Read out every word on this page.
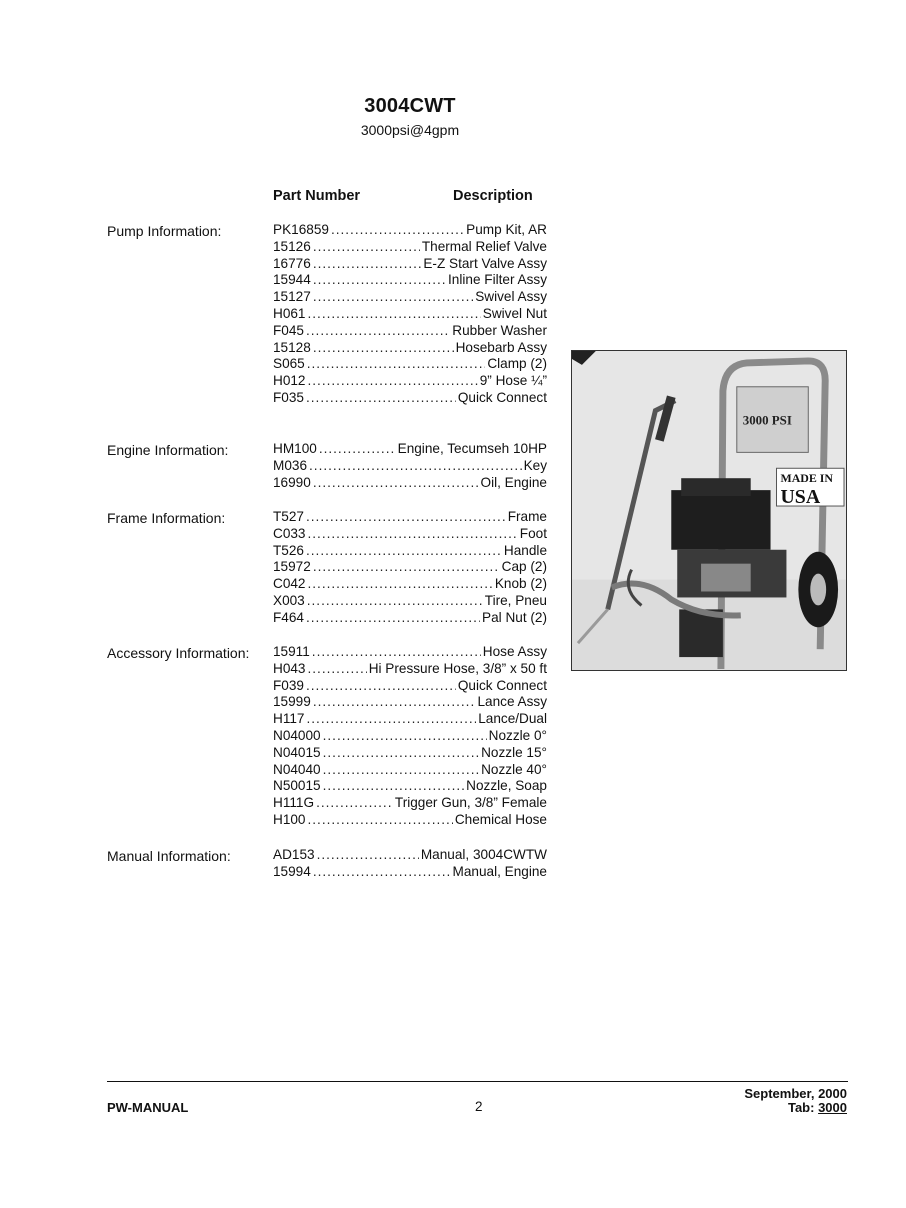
3004CWT
3000psi@4gpm
Part Number	Description
Pump Information:	PK16859 .....	Pump Kit, AR
15126 .....	Thermal Relief Valve
16776 .....	E-Z Start Valve Assy
15944 .....	Inline Filter Assy
15127 .....	Swivel Assy
H061 .....	Swivel Nut
F045 .....	Rubber Washer
15128 .....	Hosebarb Assy
S065 .....	Clamp (2)
H012 .....	9” Hose ¼”
F035 .....	Quick Connect
Engine Information:	HM100 .....	Engine, Tecumseh 10HP
M036 .....	Key
16990 .....	Oil, Engine
Frame Information:	T527 .....	Frame
C033 .....	Foot
T526 .....	Handle
15972 .....	Cap (2)
C042 .....	Knob (2)
X003 .....	Tire, Pneu
F464 .....	Pal Nut (2)
Accessory Information: 15911 .....	Hose Assy
H043 .....	Hi Pressure Hose, 3/8” x 50 ft
F039 .....	Quick Connect
15999 .....	Lance Assy
H117 .....	Lance/Dual
N04000 .....	Nozzle 0°
N04015 .....	Nozzle 15°
N04040 .....	Nozzle 40°
N50015 .....	Nozzle, Soap
H111G .....	Trigger Gun, 3/8” Female
H100 .....	Chemical Hose
Manual Information:	AD153 .....	Manual, 3004CWTW
15994 .....	Manual, Engine
3000 PSI
MADE IN
USA
PW-MANUAL	2
September, 2000
Tab: 3000
